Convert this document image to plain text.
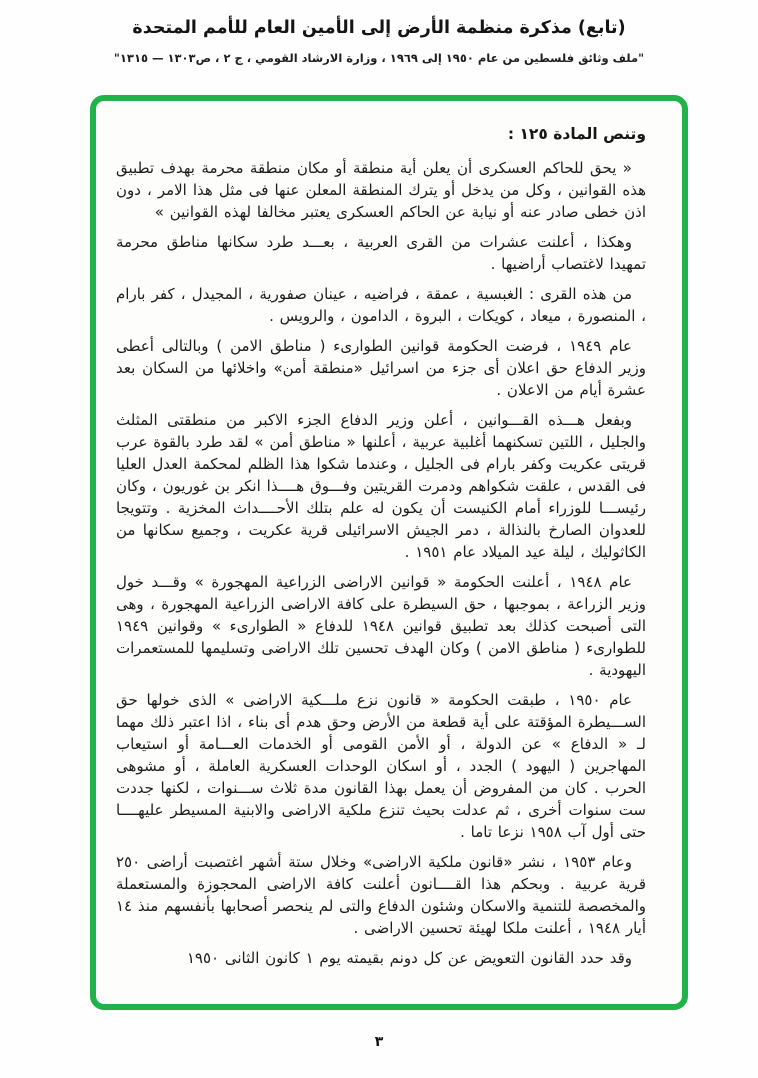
(تابع) مذكرة منظمة الأرض إلى الأمين العام للأمم المتحدة
"ملف وثائق فلسطين من عام ١٩٥٠ إلى ١٩٦٩ ، وزارة الارشاد القومي ، ج ٢ ، ص١٣٠٣ — ١٣١٥"
وتنص المادة ١٢٥ :

« يحق للحاكم العسكرى أن يعلن أية منطقة أو مكان منطقة محرمة بهدف تطبيق هذه القوانين ، وكل من يدخل أو يترك المنطقة المعلن عنها فى مثل هذا الامر ، دون اذن خطى صادر عنه أو نيابة عن الحاكم العسكرى يعتبر مخالفا لهذه القوانين »

وهكذا ، أعلنت عشرات من القرى العربية ، بعـــد طرد سكانها مناطق محرمة تمهيدا لاغتصاب أراضيها .

من هذه القرى : الغبسية ، عمقة ، فراضيه ، عينان صفورية ، المجيدل ، كفر بارام ، المنصورة ، ميعاد ، كويكات ، البروة ، الدامون ، والرويس .

عام ١٩٤٩ ، فرضت الحكومة قوانين الطوارىء ( مناطق الامن ) وبالتالى أعطى وزير الدفاع حق اعلان أى جزء من اسرائيل «منطقة أمن» واخلائها من السكان بعد عشرة أيام من الاعلان .

وبفعل هـــذه القـــوانين ، أعلن وزير الدفاع الجزء الاكبر من منطقتى المثلث والجليل ، اللتين تسكنهما أغلبية عربية ، أعلنها « مناطق أمن » لقد طرد بالقوة عرب قريتى عكريت وكفر بارام فى الجليل ، وعندما شكوا هذا الظلم لمحكمة العدل العليا فى القدس ، علقت شكواهم ودمرت القريتين وفـــوق هــــذا انكر بن غوريون ، وكان رئيســـا للوزراء أمام الكنيست أن يكون له علم بتلك الأحــــداث المخزية . وتتويجا للعدوان الصارخ بالنذالة ، دمر الجيش الاسرائيلى قرية عكريت ، وجميع سكانها من الكاثوليك ، ليلة عيد الميلاد عام ١٩٥١ .

عام ١٩٤٨ ، أعلنت الحكومة « قوانين الاراضى الزراعية المهجورة » وقـــد خول وزير الزراعة ، بموجبها ، حق السيطرة على كافة الاراضى الزراعية المهجورة ، وهى التى أصبحت كذلك بعد تطبيق قوانين ١٩٤٨ للدفاع « الطوارىء » وقوانين ١٩٤٩ للطوارىء ( مناطق الامن ) وكان الهدف تحسين تلك الاراضى وتسليمها للمستعمرات اليهودية .

عام ١٩٥٠ ، طبقت الحكومة « قانون نزع ملـــكية الاراضى » الذى خولها حق الســـيطرة المؤقتة على أية قطعة من الأرض وحق هدم أى بناء ، اذا اعتبر ذلك مهما لـ « الدفاع » عن الدولة ، أو الأمن القومى أو الخدمات العـــامة أو استيعاب المهاجرين ( اليهود ) الجدد ، أو اسكان الوحدات العسكرية العاملة ، أو مشوهى الحرب . كان من المفروض أن يعمل بهذا القانون مدة ثلاث ســـنوات ، لكنها جددت ست سنوات أخرى ، ثم عدلت بحيث تنزع ملكية الاراضى والابنية المسيطر عليهــــا حتى أول آب ١٩٥٨ نزعا تاما .

وعام ١٩٥٣ ، نشر «قانون ملكية الاراضى» وخلال ستة أشهر اغتصبت أراضى ٢٥٠ قرية عربية . وبحكم هذا القــــانون أعلنت كافة الاراضى المحجوزة والمستعملة والمخصصة للتنمية والاسكان وشئون الدفاع والتى لم ينحصر أصحابها بأنفسهم منذ ١٤ أيار ١٩٤٨ ، أعلنت ملكا لهيئة تحسين الاراضى .

وقد حدد القانون التعويض عن كل دونم بقيمته يوم ١ كانون الثانى ١٩٥٠

٣
